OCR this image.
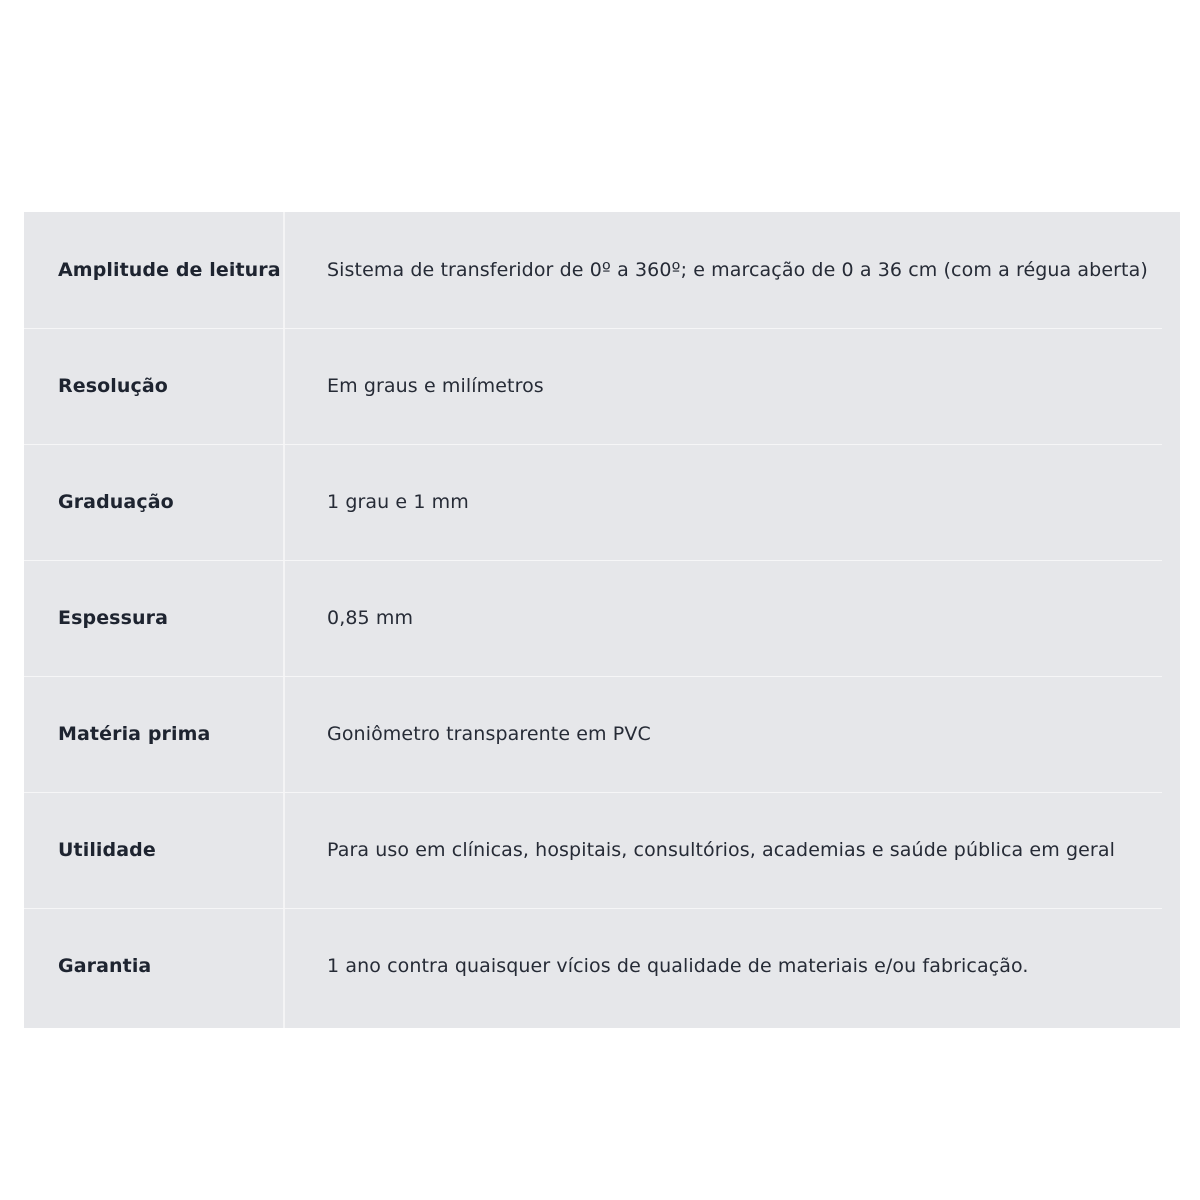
Amplitude de leitura	Sistema de transferidor de 0º a 360º; e marcação de 0 a 36 cm (com a régua aberta)
Resolução	Em graus e milímetros
Graduação	1 grau e 1 mm
Espessura	0,85 mm
Matéria prima	Goniômetro transparente em PVC
Utilidade	Para uso em clínicas, hospitais, consultórios, academias e saúde pública em geral
Garantia	1 ano contra quaisquer vícios de qualidade de materiais e/ou fabricação.
